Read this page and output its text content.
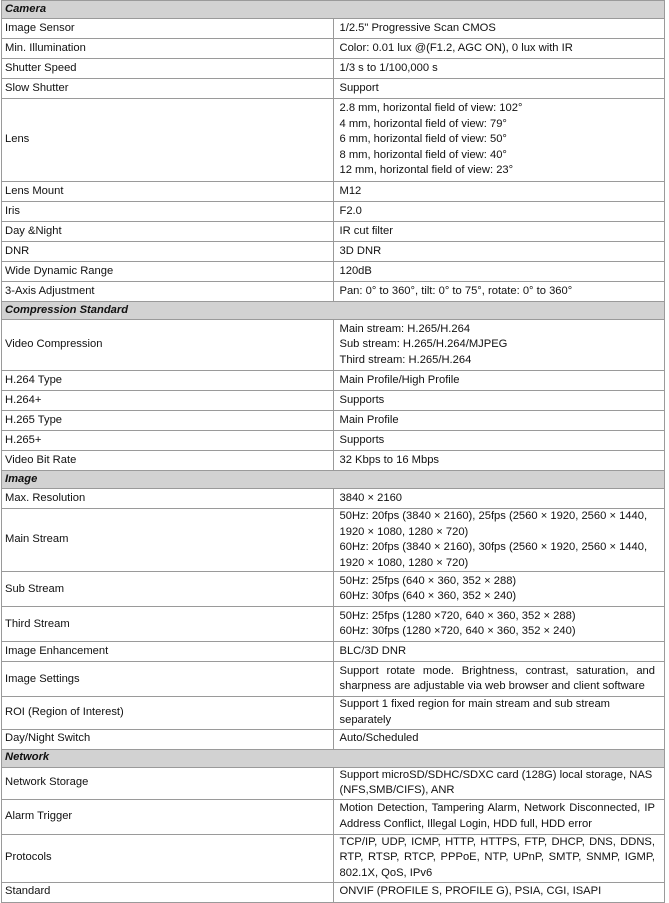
Camera	
Image Sensor	1/2.5" Progressive Scan CMOS
Min. Illumination	Color: 0.01 lux @(F1.2, AGC ON), 0 lux with IR
Shutter Speed	1/3 s to 1/100,000 s
Slow Shutter	Support
Lens	2.8 mm, horizontal field of view: 102°
4 mm, horizontal field of view: 79°
6 mm, horizontal field of view: 50°
8 mm, horizontal field of view: 40°
12 mm, horizontal field of view: 23°

Lens Mount	M12
Iris	F2.0
Day &Night	IR cut filter
DNR	3D DNR
Wide Dynamic Range	120dB
3-Axis Adjustment	Pan: 0° to 360°, tilt: 0° to 75°, rotate: 0° to 360°
Compression Standard	
Video Compression	Main stream: H.265/H.264
Sub stream: H.265/H.264/MJPEG
Third stream: H.265/H.264

H.264 Type	Main Profile/High Profile
H.264+	Supports
H.265 Type	Main Profile
H.265+	Supports
Video Bit Rate	32 Kbps to 16 Mbps
Image	
Max. Resolution	3840 × 2160
Main Stream	50Hz: 20fps (3840 × 2160), 25fps (2560 × 1920, 2560 × 1440, 1920 × 1080, 1280 × 720)
60Hz: 20fps (3840 × 2160), 30fps (2560 × 1920, 2560 × 1440, 1920 × 1080, 1280 × 720)

Sub Stream	50Hz: 25fps (640 × 360, 352 × 288)
60Hz: 30fps (640 × 360, 352 × 240)

Third Stream	50Hz: 25fps (1280 ×720, 640 × 360, 352 × 288)
60Hz: 30fps (1280 ×720, 640 × 360, 352 × 240)

Image Enhancement	BLC/3D DNR
Image Settings	Support rotate mode. Brightness, contrast, saturation, and sharpness are adjustable via web browser and client software
ROI (Region of Interest)	Support 1 fixed region for main stream and sub stream separately
Day/Night Switch	Auto/Scheduled
Network	
Network Storage	Support microSD/SDHC/SDXC card (128G) local storage, NAS (NFS,SMB/CIFS), ANR
Alarm Trigger	Motion Detection, Tampering Alarm, Network Disconnected, IP Address Conflict, Illegal Login, HDD full, HDD error
Protocols	TCP/IP, UDP, ICMP, HTTP, HTTPS, FTP, DHCP, DNS, DDNS, RTP, RTSP, RTCP, PPPoE, NTP, UPnP, SMTP, SNMP, IGMP, 802.1X, QoS, IPv6
Standard	ONVIF (PROFILE S, PROFILE G), PSIA, CGI, ISAPI
